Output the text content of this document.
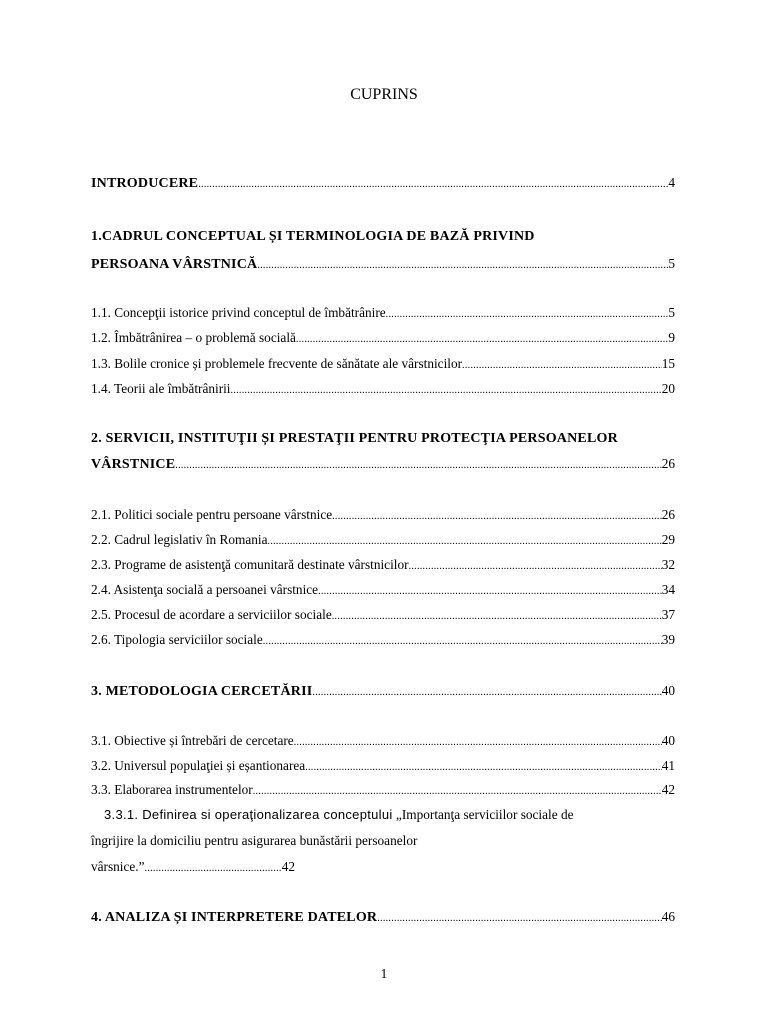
CUPRINS
INTRODUCERE .....	4
1.CADRUL CONCEPTUAL ȘI TERMINOLOGIA DE BAZĂ PRIVIND
PERSOANA VÂRSTNICĂ .....	5
1.1. Concepţii istorice privind conceptul de îmbătrânire .....	5
1.2. Îmbătrânirea – o problemă socială .....	9
1.3. Bolile cronice și problemele frecvente de sănătate ale vârstnicilor .....	15
1.4. Teorii ale îmbătrânirii .....	20
2. SERVICII, INSTITUŢII ȘI PRESTAŢII PENTRU PROTECŢIA PERSOANELOR
VÂRSTNICE .....	26
2.1. Politici sociale pentru persoane vârstnice .....	26
2.2. Cadrul legislativ în Romania .....	29
2.3. Programe de asistenţă comunitară destinate vârstnicilor .....	32
2.4. Asistenţa socială a persoanei vârstnice .....	34
2.5. Procesul de acordare a serviciilor sociale .....	37
2.6. Tipologia serviciilor sociale .....	39
3. METODOLOGIA CERCETĂRII .....	40
3.1. Obiective și întrebări de cercetare .....	40
3.2. Universul populaţiei și eșantionarea .....	41
3.3. Elaborarea instrumentelor .....	42
3.3.1. Definirea si operaţionalizarea conceptului „Importanţa serviciilor sociale de
îngrijire la domiciliu pentru asigurarea bunăstării persoanelor
vârsnice.”.................................................42
4. ANALIZA ȘI INTERPRETERE DATELOR .....	46
1
